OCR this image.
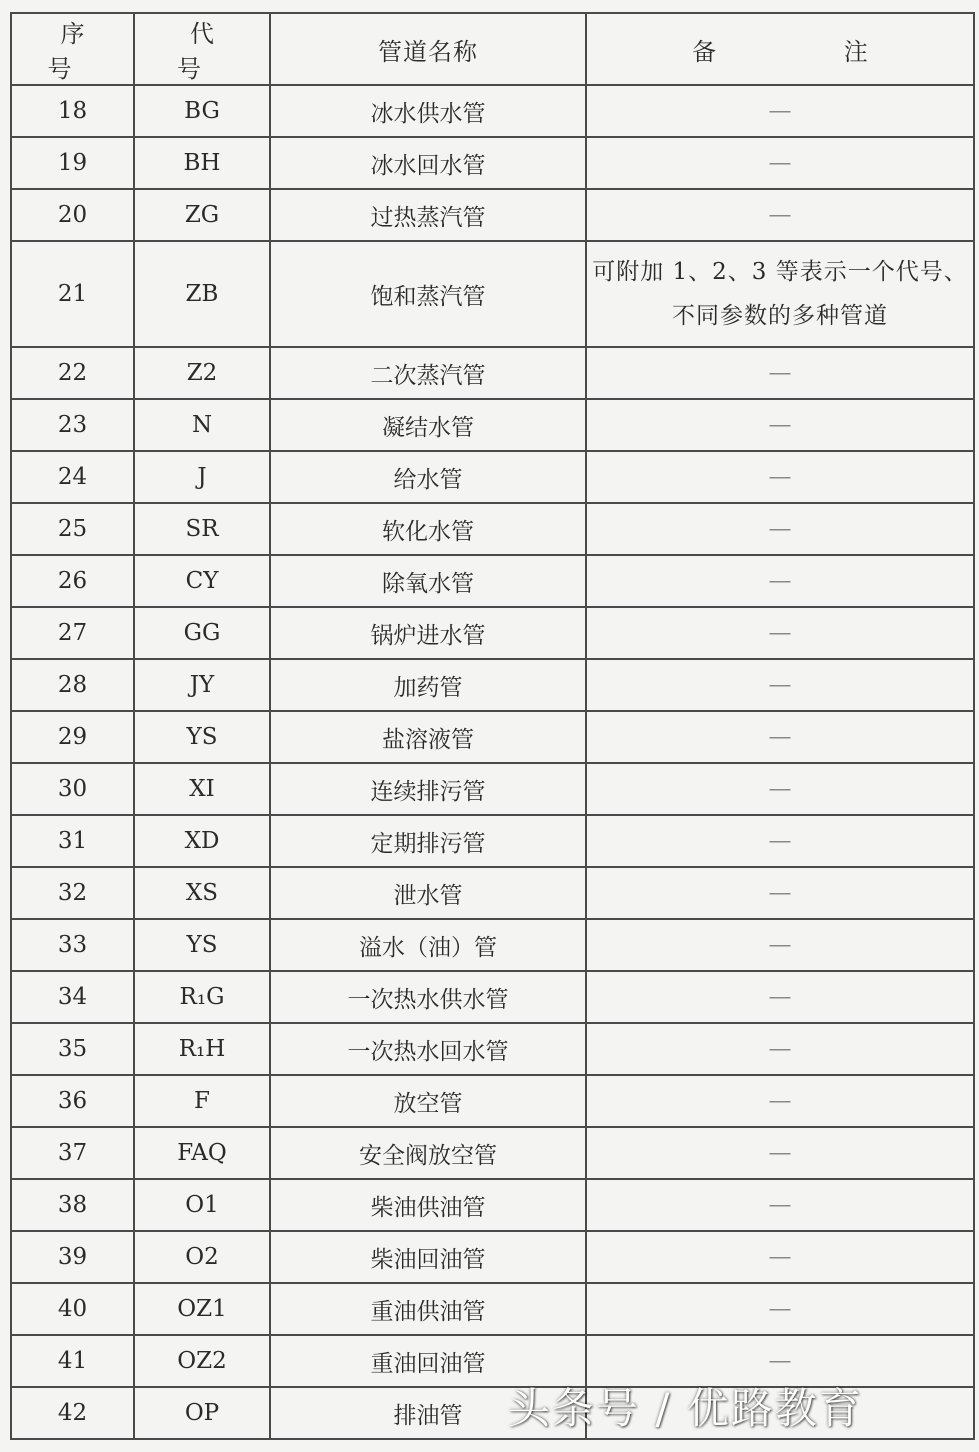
序 号	代 号	管道名称	备 注
18	BG	冰水供水管	—
19	BH	冰水回水管	—
20	ZG	过热蒸汽管	—
21	ZB	饱和蒸汽管	可附加 1、2、3 等表示一个代号、不同参数的多种管道
22	Z2	二次蒸汽管	—
23	N	凝结水管	—
24	J	给水管	—
25	SR	软化水管	—
26	CY	除氧水管	—
27	GG	锅炉进水管	—
28	JY	加药管	—
29	YS	盐溶液管	—
30	XI	连续排污管	—
31	XD	定期排污管	—
32	XS	泄水管	—
33	YS	溢水（油）管	—
34	R₁G	一次热水供水管	—
35	R₁H	一次热水回水管	—
36	F	放空管	—
37	FAQ	安全阀放空管	—
38	O1	柴油供油管	—
39	O2	柴油回油管	—
40	OZ1	重油供油管	—
41	OZ2	重油回油管	—
42	OP	排油管	头条号 / 优路教育
